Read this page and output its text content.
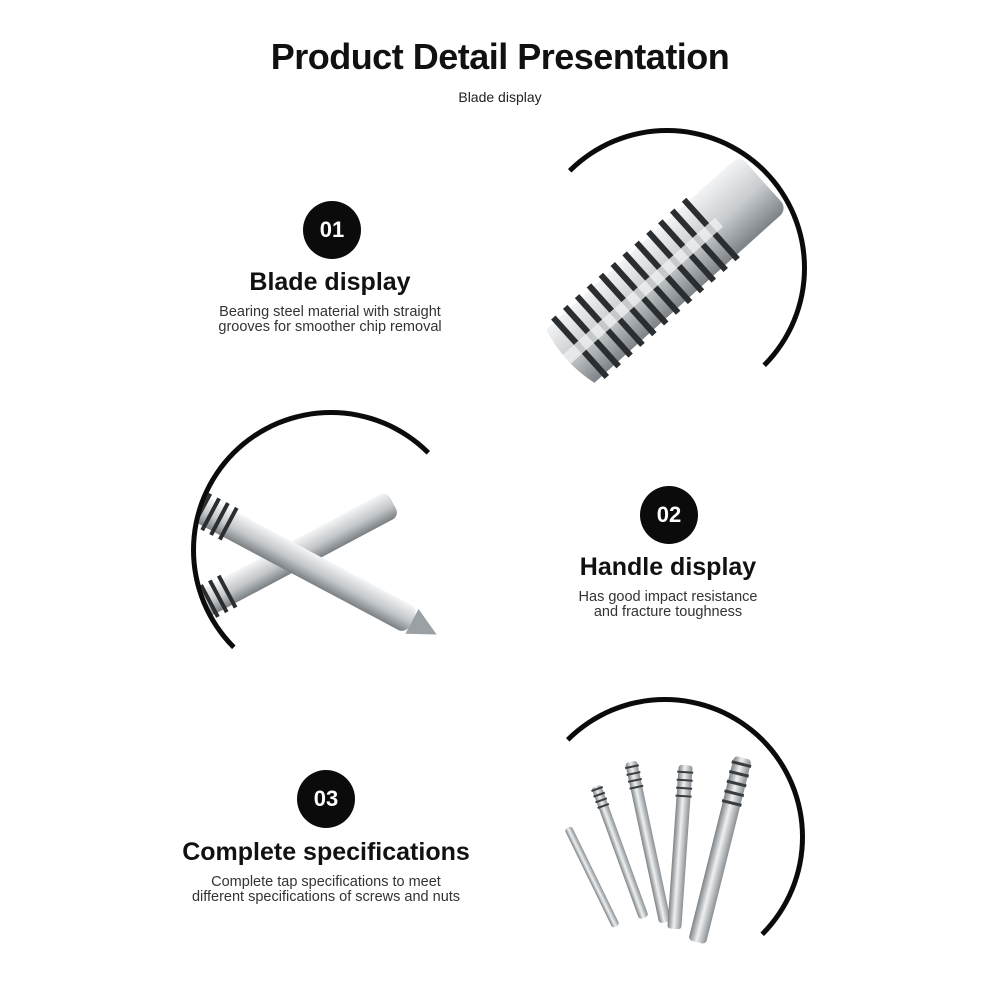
Product Detail Presentation
Blade display
01
Blade display
Bearing steel material with straight
grooves for smoother chip removal
02
Handle display
Has good impact resistance
and fracture toughness
03
Complete specifications
Complete tap specifications to meet
different specifications of screws and nuts
